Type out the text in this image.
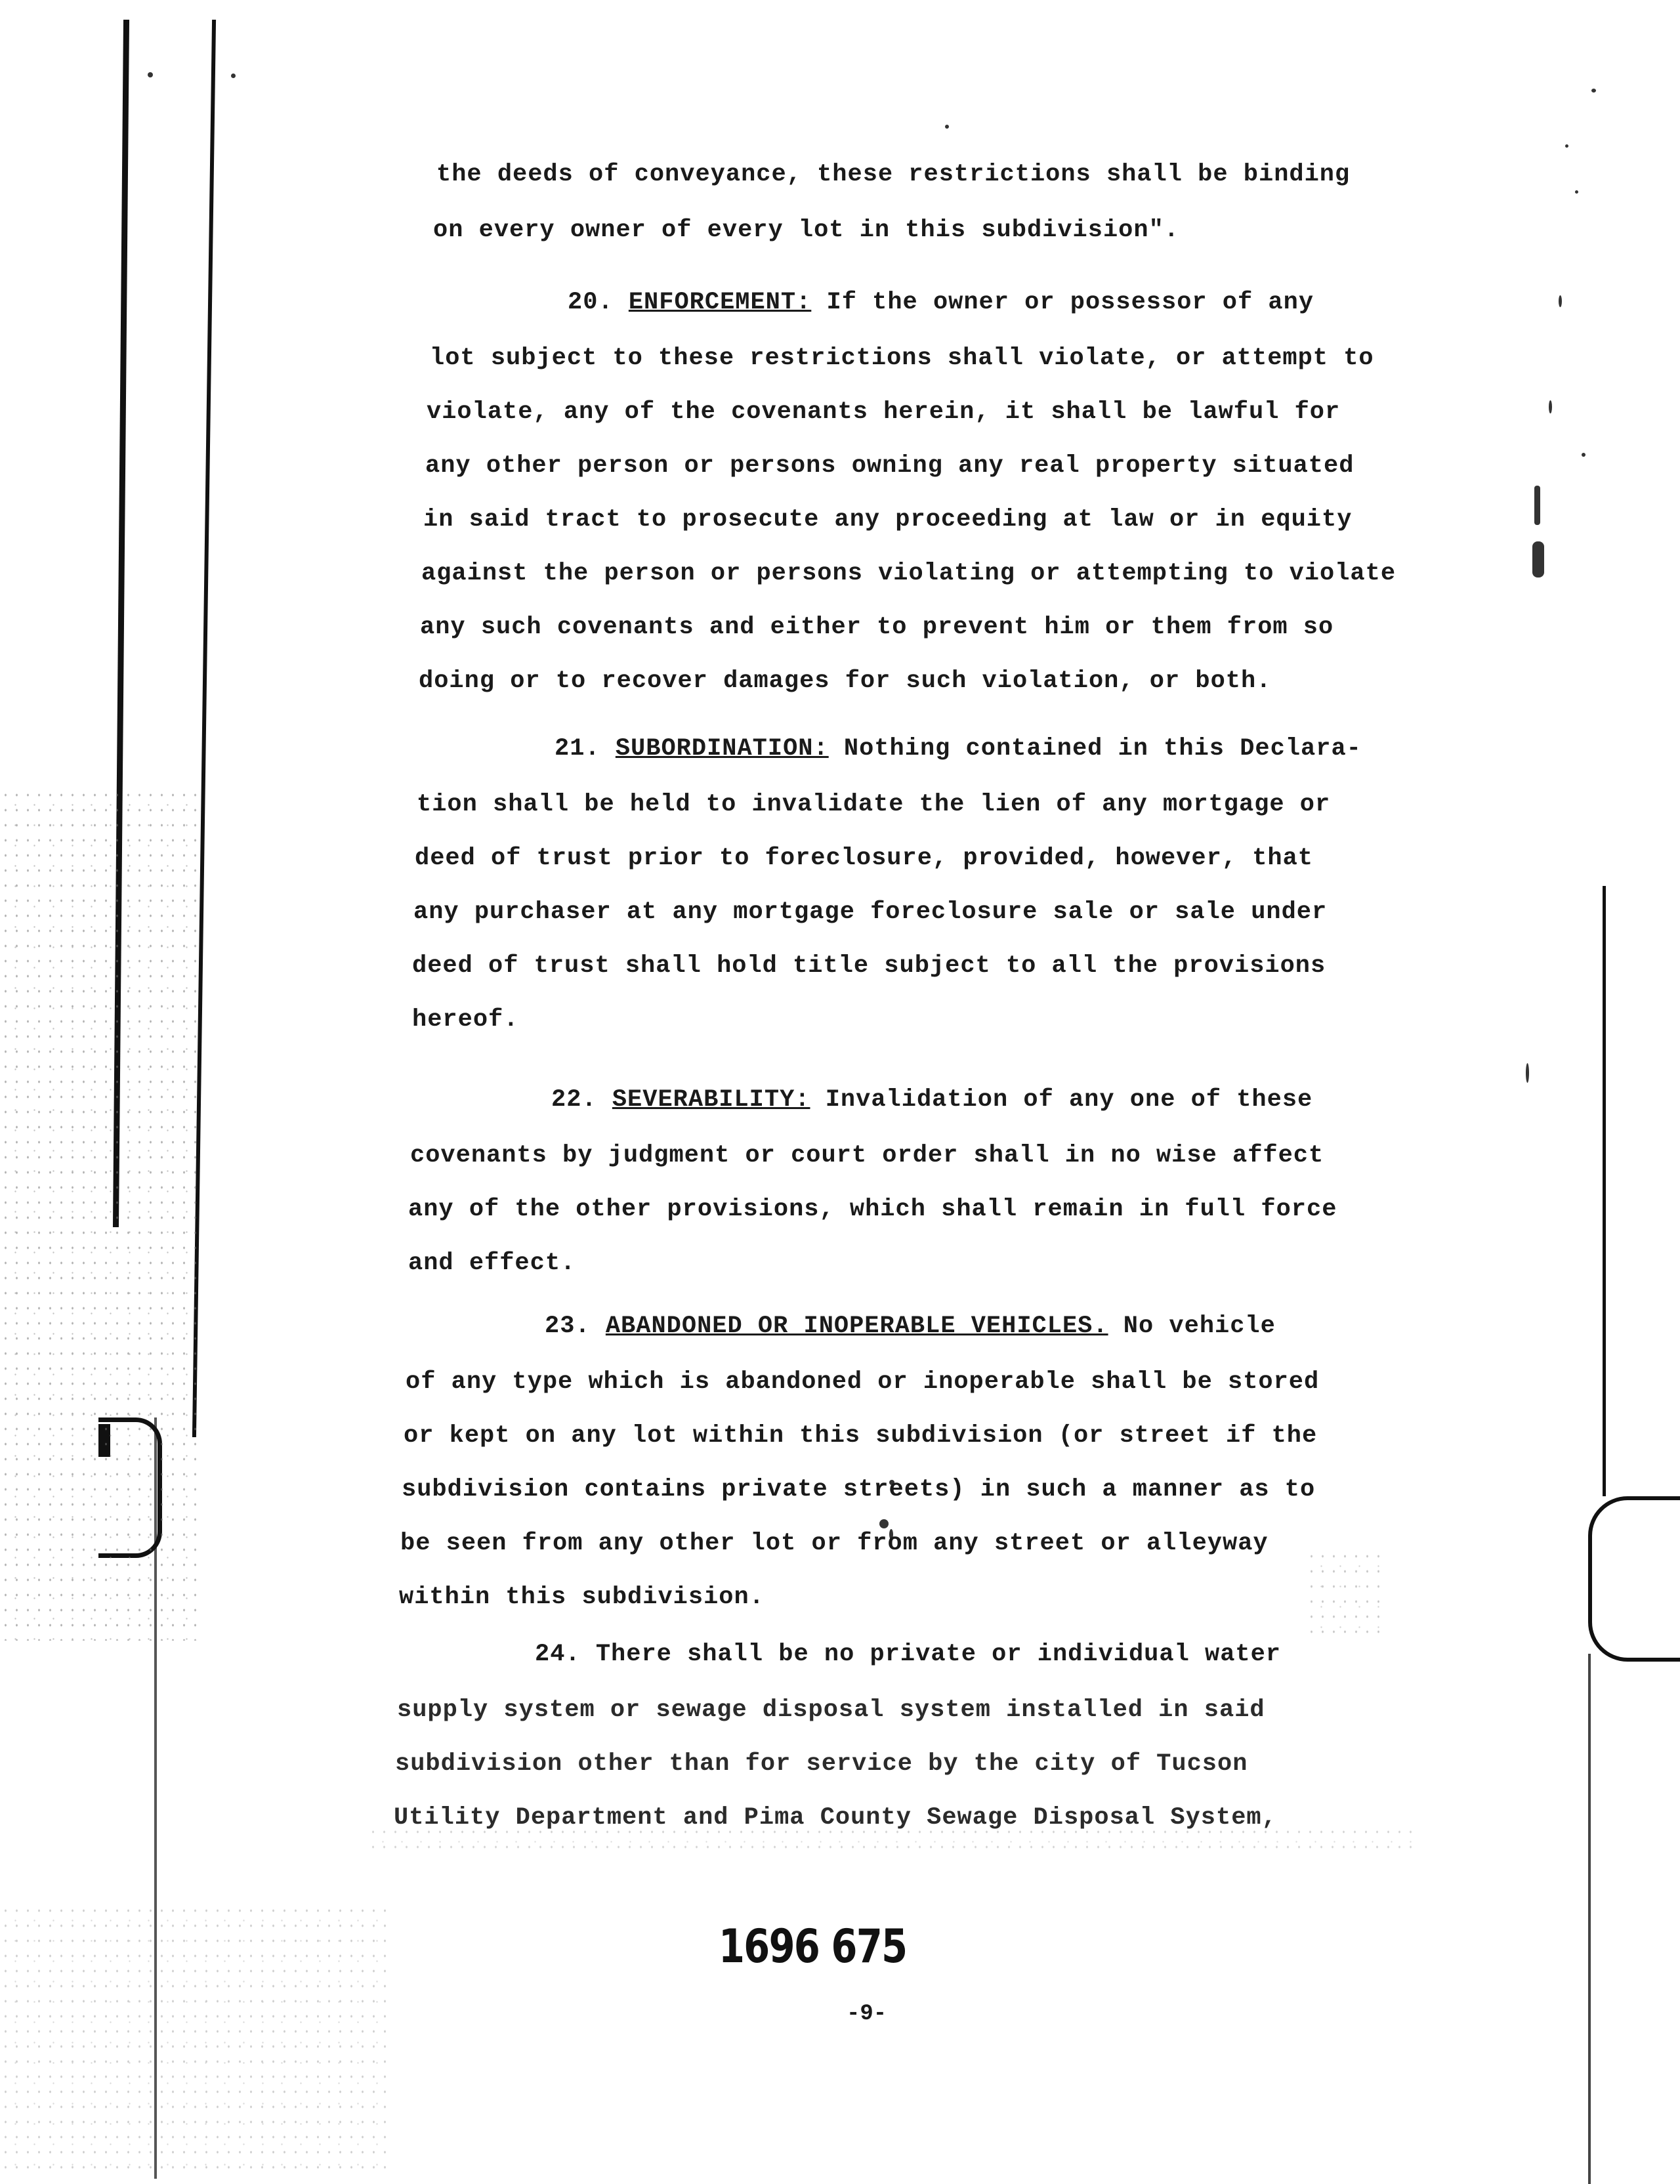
the deeds of conveyance, these restrictions shall be binding
on every owner of every lot in this subdivision".
20. ENFORCEMENT: If the owner or possessor of any
lot subject to these restrictions shall violate, or attempt to
violate, any of the covenants herein, it shall be lawful for
any other person or persons owning any real property situated
in said tract to prosecute any proceeding at law or in equity
against the person or persons violating or attempting to violate
any such covenants and either to prevent him or them from so
doing or to recover damages for such violation, or both.
21. SUBORDINATION: Nothing contained in this Declara-
tion shall be held to invalidate the lien of any mortgage or
deed of trust prior to foreclosure, provided, however, that
any purchaser at any mortgage foreclosure sale or sale under
deed of trust shall hold title subject to all the provisions
hereof.
22. SEVERABILITY: Invalidation of any one of these
covenants by judgment or court order shall in no wise affect
any of the other provisions, which shall remain in full force
and effect.
23. ABANDONED OR INOPERABLE VEHICLES. No vehicle
of any type which is abandoned or inoperable shall be stored
or kept on any lot within this subdivision (or street if the
subdivision contains private streets) in such a manner as to
be seen from any other lot or from any street or alleyway
within this subdivision.
24. There shall be no private or individual water
supply system or sewage disposal system installed in said
subdivision other than for service by the city of Tucson
Utility Department and Pima County Sewage Disposal System,
1696 675
-9-
